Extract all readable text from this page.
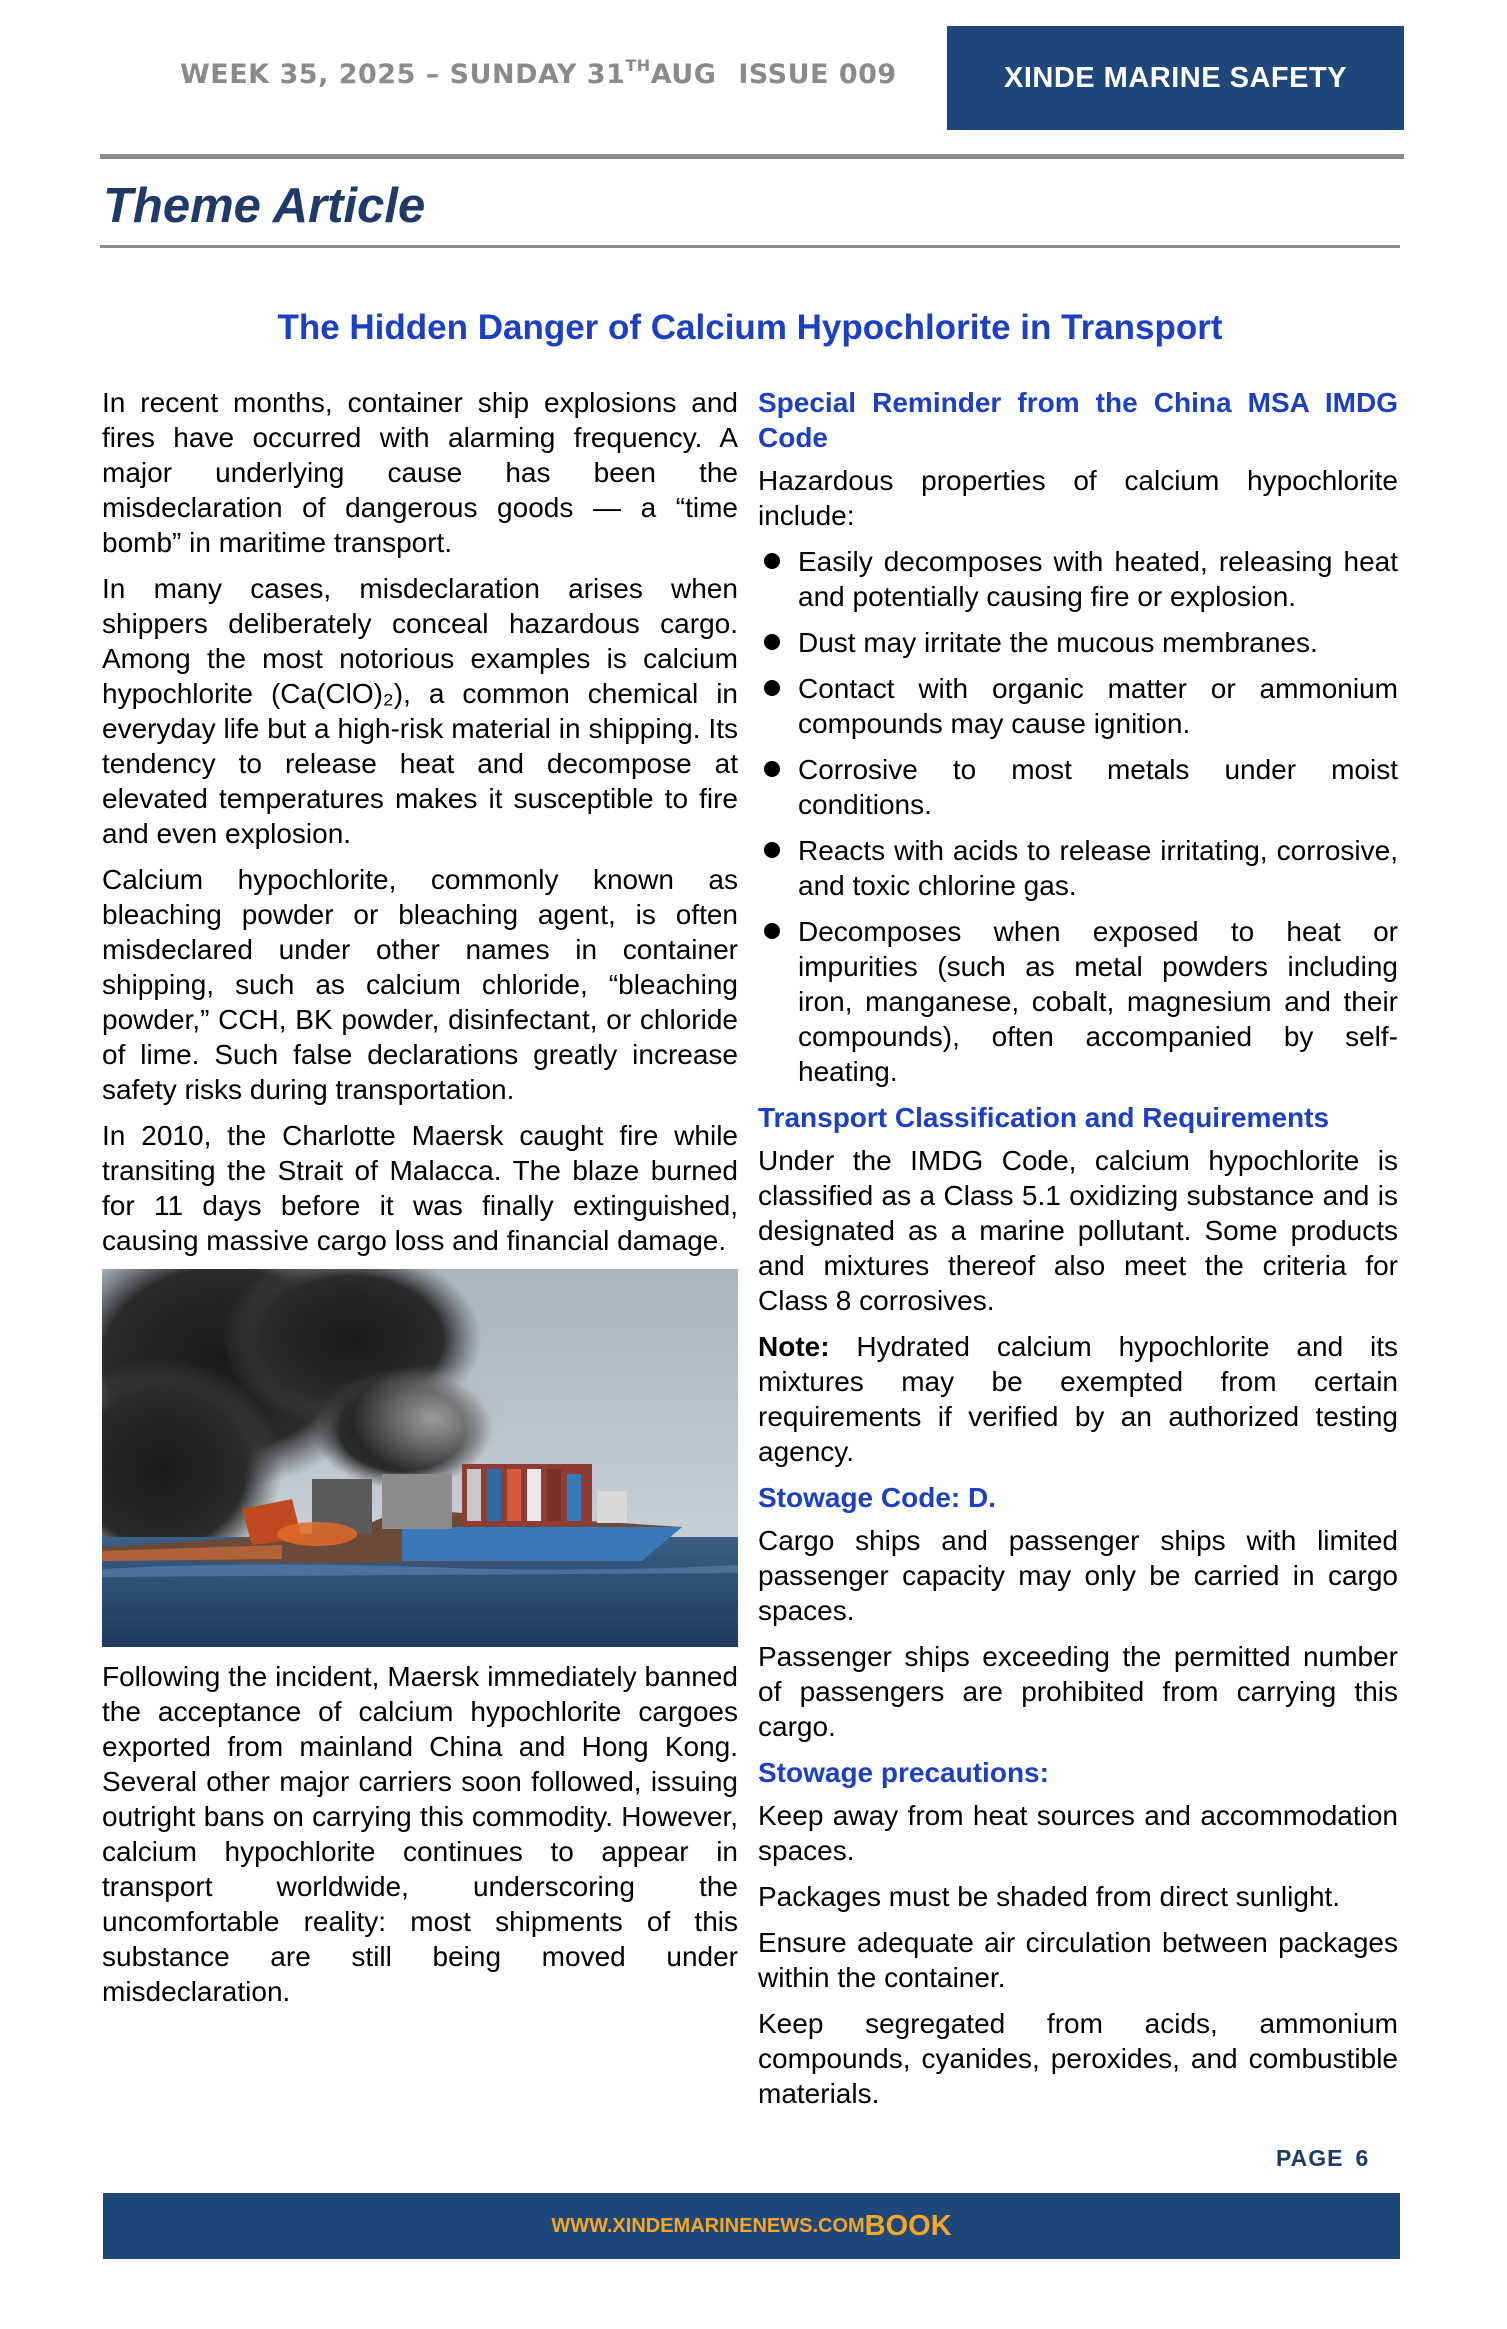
WEEK 35, 2025 – SUNDAY 31THAUG ISSUE 009	XINDE MARINE SAFETY
Theme Article
The Hidden Danger of Calcium Hypochlorite in Transport

In recent months, container ship explosions and fires have occurred with alarming frequency. A major underlying cause has been the misdeclaration of dangerous goods — a “time bomb” in maritime transport.

In many cases, misdeclaration arises when shippers deliberately conceal hazardous cargo. Among the most notorious examples is calcium hypochlorite (Ca(ClO)₂), a common chemical in everyday life but a high-risk material in shipping. Its tendency to release heat and decompose at elevated temperatures makes it susceptible to fire and even explosion.

Calcium hypochlorite, commonly known as bleaching powder or bleaching agent, is often misdeclared under other names in container shipping, such as calcium chloride, “bleaching powder,” CCH, BK powder, disinfectant, or chloride of lime. Such false declarations greatly increase safety risks during transportation.

In 2010, the Charlotte Maersk caught fire while transiting the Strait of Malacca. The blaze burned for 11 days before it was finally extinguished, causing massive cargo loss and financial damage.

Following the incident, Maersk immediately banned the acceptance of calcium hypochlorite cargoes exported from mainland China and Hong Kong. Several other major carriers soon followed, issuing outright bans on carrying this commodity. However, calcium hypochlorite continues to appear in transport worldwide, underscoring the uncomfortable reality: most shipments of this substance are still being moved under misdeclaration.

Special Reminder from the China MSA IMDG Code

Hazardous properties of calcium hypochlorite include:

Easily decomposes with heated, releasing heat and potentially causing fire or explosion.
Dust may irritate the mucous membranes.
Contact with organic matter or ammonium compounds may cause ignition.
Corrosive to most metals under moist conditions.
Reacts with acids to release irritating, corrosive, and toxic chlorine gas.
Decomposes when exposed to heat or impurities (such as metal powders including iron, manganese, cobalt, magnesium and their compounds), often accompanied by self-heating.
Transport Classification and Requirements

Under the IMDG Code, calcium hypochlorite is classified as a Class 5.1 oxidizing substance and is designated as a marine pollutant. Some products and mixtures thereof also meet the criteria for Class 8 corrosives.

Note: Hydrated calcium hypochlorite and its mixtures may be exempted from certain requirements if verified by an authorized testing agency.

Stowage Code: D.

Cargo ships and passenger ships with limited passenger capacity may only be carried in cargo spaces.

Passenger ships exceeding the permitted number of passengers are prohibited from carrying this cargo.

Stowage precautions:

Keep away from heat sources and accommodation spaces.

Packages must be shaded from direct sunlight.

Ensure adequate air circulation between packages within the container.

Keep segregated from acids, ammonium compounds, cyanides, peroxides, and combustible materials.

PAGE 6
WWW.XINDEMARINENEWS.COM BOOK
